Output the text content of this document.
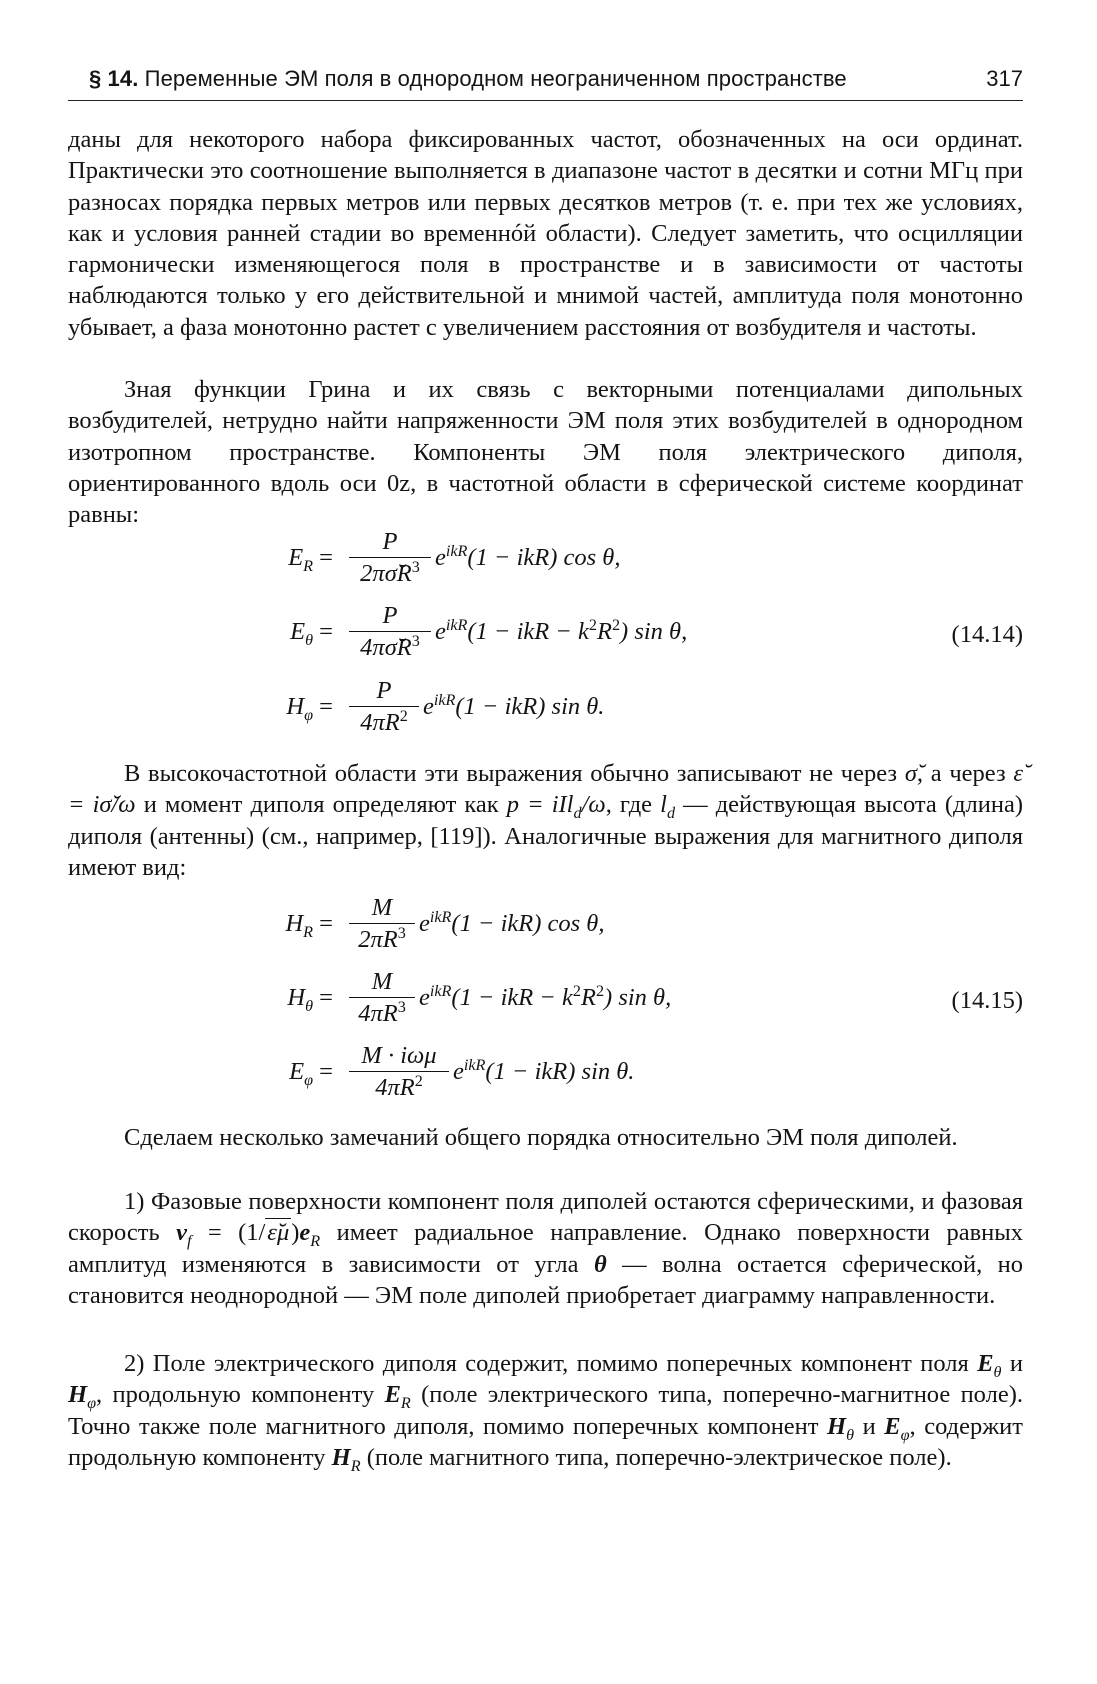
§ 14. Переменные ЭМ поля в однородном неограниченном пространстве	317

даны для некоторого набора фиксированных частот, обозначенных на оси ординат. Практически это соотношение выполняется в диапазоне частот в десятки и сотни МГц при разносах порядка первых метров или первых десятков метров (т. е. при тех же условиях, как и условия ранней стадии во временнóй области). Следует заметить, что осцилляции гармонически изменяющегося поля в пространстве и в зависимости от частоты наблюдаются только у его действительной и мнимой частей, амплитуда поля монотонно убывает, а фаза монотонно растет с увеличением расстояния от возбудителя и частоты.

Зная функции Грина и их связь с векторными потенциалами дипольных возбудителей, нетрудно найти напряженности ЭМ поля этих возбудителей в однородном изотропном пространстве. Компоненты ЭМ поля электрического диполя, ориентированного вдоль оси 0z, в частотной области в сферической системе координат равны:

$E_R = \frac{P}{2\pi\sigmăR^3} e^{ikR}(1 - ikR)$ cos θ,
$E_\theta = \frac{P}{4\pi\sigmăR^3} e^{ikR}(1$ − ikR − $k^2R^2$) sin θ,
$H_\varphi = \frac{P}{4\pi R^2} e^{ikR}(1 - ikR)$ sin θ.
(14.14)

В высокочастотной области эти выражения обычно записывают не через σ̆, а через ε̆ = iσ̆/ω и момент диполя определяют как p = iIl$_d$/ω, где $l_d$ — действующая высота (длина) диполя (антенны) (см., например, [119]). Аналогичные выражения для магнитного диполя имеют вид:

$H_R = \frac{M}{2\pi R^3} e^{ikR}(1 - ikR)$ cos θ,
$H_\theta = \frac{M}{4\pi R^3} e^{ikR}(1$ − ikR − $k^2R^2$) sin θ,
$E_\varphi$ =
M · iωμ
$4\pi R^2$	$e^{ikR}(1 - ikR)$ sin θ.
(14.15)

Сделаем несколько замечаний общего порядка относительно ЭМ поля диполей.

1) Фазовые поверхности компонент поля диполей остаются сферическими, и фазовая скорость $v_f$ = $(1/\varepsilon̆\mu)e_R$ имеет радиальное направление. Однако поверхности равных амплитуд изменяются в зависимости от угла θ — волна остается сферической, но становится неоднородной — ЭМ поле диполей приобретает диаграмму направленности.

2) Поле электрического диполя содержит, помимо поперечных компонент поля $E_\theta$ и $H_\varphi$, продольную компоненту $E_R$ (поле электрического типа, поперечно-магнитное поле). Точно также поле магнитного диполя, помимо поперечных компонент $H_\theta$ и $E_\varphi$, содержит продольную компоненту $H_R$ (поле магнитного типа, поперечно-электрическое поле).
